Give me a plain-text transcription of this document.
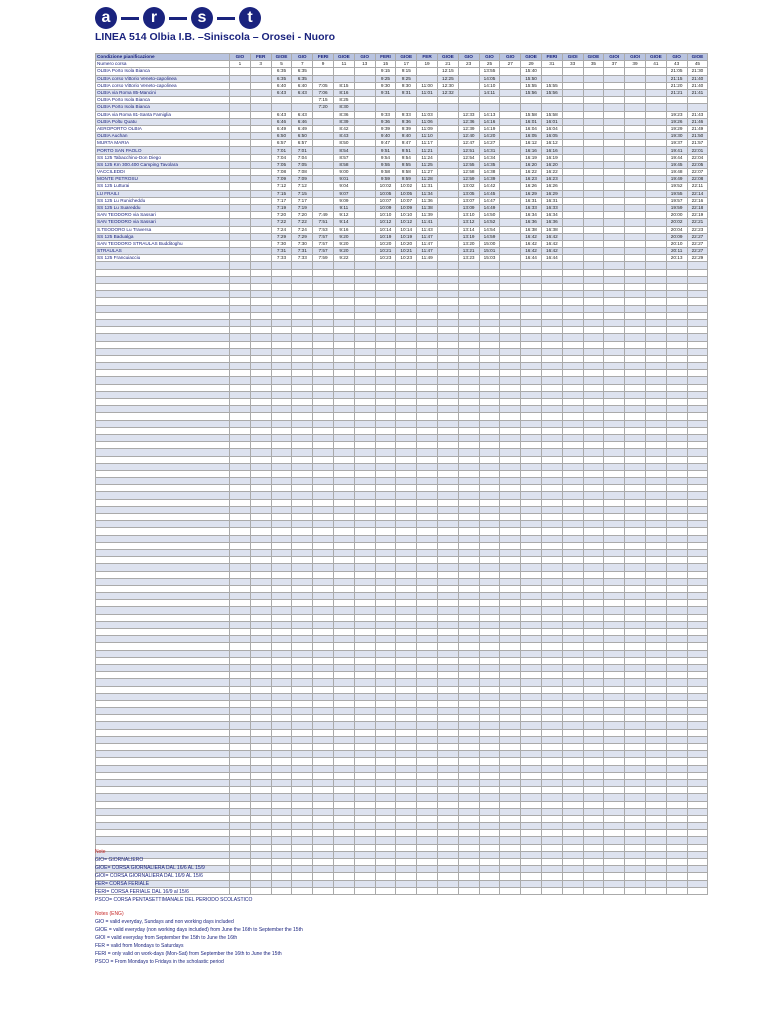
a	r	s	t
LINEA 514 Olbia I.B. –Siniscola – Orosei - Nuoro
Condizione pianificazione	GIO	FER	GIOE	GIO	FERI	GIOE	GIO	FERI	GIOE	FER	GIOE	GIO	GIO	GIO	GIOE	FERI	GIOI	GIOE	GIOI	GIOI	GIOE	GIO	GIOE
Numero corsa	1	3	5	7	9	11	13	15	17	19	21	23	25	27	29	31	33	35	37	39	41	43	45
OLBIA Porto Isola Bianca			6:35	6:35				9:15	9:15		12:15		13:55		15:40							21:05	21:30
OLBIA corso Vittorio Veneto-capolinea			6:35	6:35				9:25	9:25		12:25		14:05		15:50							21:15	21:40
OLBIA corso Vittorio Veneto-capolinea			6:40	6:40	7:05	8:15		9:30	9:30	11:00	12:30		14:10		15:55	15:55						21:20	21:40
OLBIA via Roma 85-Mancini			6:43	6:43	7:06	8:16		9:31	9:31	11:01	12:32		14:11		15:56	15:56						21:21	21:41
OLBIA Porto Isola Bianca					7:15	8:25																	
OLBIA Porto Isola Bianca					7:20	8:30																	
OLBIA via Roma 81-Santa Famiglia			6:43	6:43		8:36		9:33	9:33	11:03		12:33	14:13		15:58	15:58						19:23	21:43
OLBIA Poltu Quatu			6:46	6:46		8:39		9:36	9:36	11:06		12:36	14:16		16:01	16:01						19:26	21:46
AEROPORTO OLBIA			6:49	6:49		8:42		9:39	9:39	11:09		12:39	14:19		16:04	16:04						19:29	21:49
OLBIA Auchan			6:50	6:50		8:43		9:40	9:40	11:10		12:40	14:20		16:05	16:05						19:30	21:50
MURTA MARIA			6:57	6:57		8:50		9:47	9:47	11:17		12:47	14:27		16:12	16:12						19:37	21:57
PORTO SAN PAOLO			7:01	7:01		8:54		9:51	9:51	11:21		12:51	14:31		16:16	16:16						19:41	22:01
SS 125 Tabacchino-Don Diego			7:04	7:04		8:57		9:54	9:54	11:24		12:54	14:34		16:19	16:19						19:44	22:04
SS 125 Km 300.400 Camping Tavolara			7:05	7:05		8:58		9:55	9:55	11:25		12:55	14:35		16:20	16:20						19:45	22:05
VACCILEDDI			7:08	7:08		9:00		9:58	9:58	11:27		12:58	14:38		16:22	16:22						19:48	22:07
MONTE PETROSU			7:09	7:09		9:01		9:59	9:59	11:28		12:59	14:39		16:23	16:23						19:49	22:08
SS 125 Lutturai			7:12	7:12		9:04		10:02	10:02	11:31		13:02	14:42		16:26	16:26						19:52	22:11
LU FRAILI			7:15	7:15		9:07		10:05	10:05	11:34		13:05	14:45		16:29	16:29						19:55	22:14
SS 125 Lu Runicheddu			7:17	7:17		9:09		10:07	10:07	11:36		13:07	14:47		16:31	16:31						19:57	22:16
SS 125 Lu Suareddu			7:19	7:19		9:11		10:09	10:09	11:38		13:09	14:49		16:33	16:33						19:59	22:18
SAN TEODORO via Sassari			7:20	7:20	7:49	9:12		10:10	10:10	11:39		13:10	14:50		16:34	16:34						20:00	22:19
SAN TEODORO via Sassari			7:22	7:22	7:51	9:14		10:12	10:12	11:41		13:12	14:52		16:36	16:36						20:02	22:21
S.TEODORO Lu Traversa			7:24	7:24	7:53	9:16		10:14	10:14	11:43		13:14	14:54		16:38	16:38						20:04	22:23
SS 125 Badualga			7:29	7:29	7:57	9:20		10:19	10:19	11:47		13:19	14:59		16:42	16:42						20:09	22:27
SAN TEODORO STRAULAS Budditoghu			7:30	7:30	7:57	9:20		10:20	10:20	11:47		13:20	15:00		16:42	16:42						20:10	22:27
STRAULAS			7:31	7:31	7:57	9:20		10:21	10:21	11:47		13:21	15:01		16:42	16:42						20:11	22:27
SS 125 Francuiacciu			7:33	7:33	7:59	9:22		10:23	10:23	11:49		13:23	15:03		16:44	16:44						20:13	22:29

Note
GIO= GIORNALIERO
GIOE= CORSA GIORNALIERA DAL 16/6 AL 15/9
GIOI= CORSA GIORNALIERA DAL 16/9 AL 15/6
FER= CORSA FERIALE
FERI= CORSA FERIALE DAL 16/9 al 15/6
PSCO= CORSA PENTASETTIMANALE DEL PERIODO SCOLASTICO
Notes (ENG)
GIO = valid everyday, Sundays and non working days included
GIOE = valid everyday (non working days included) from June the 16th to September the 15th
GIOI = valid everyday from September the 15th to June the 16th
FER = valid from Mondays to Saturdays
FERI = only valid on work-days (Mon-Sat) from September the 16th to June the 15th
PSCO = From Mondays to Fridays in the scholastic period
